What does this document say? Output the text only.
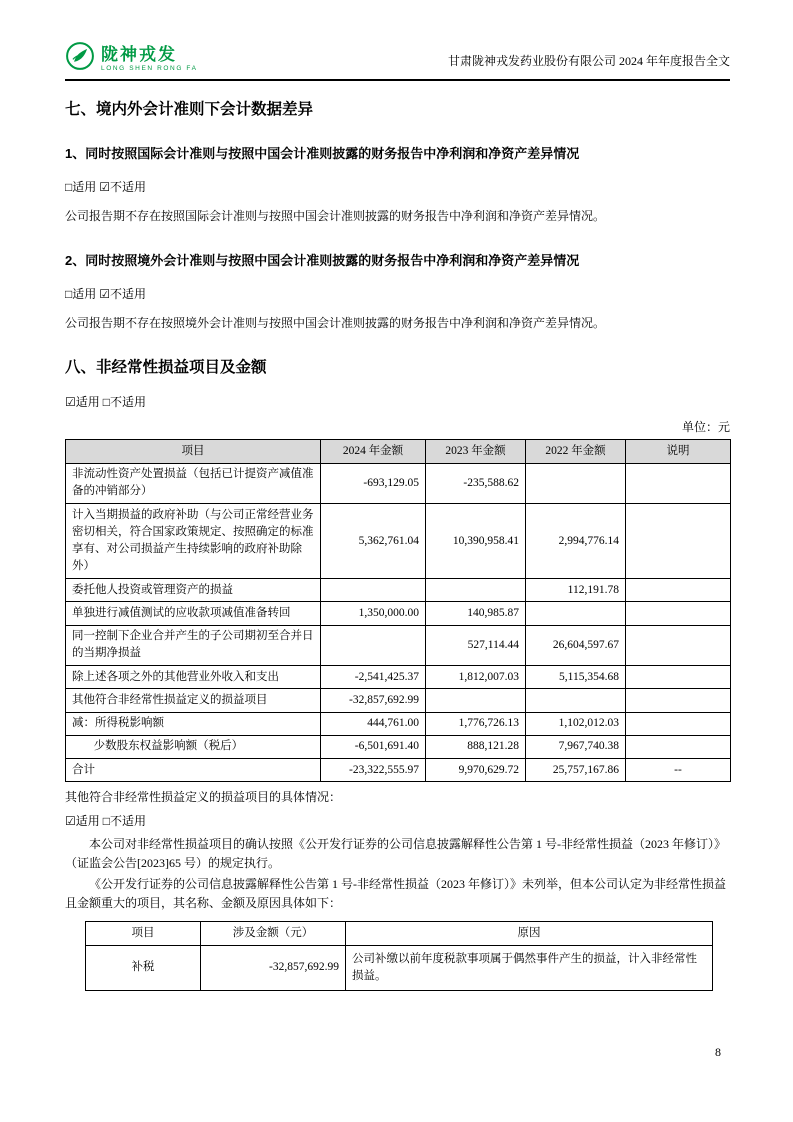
陇神戎发
LONG SHEN RONG FA
甘肃陇神戎发药业股份有限公司 2024 年年度报告全文
七、境内外会计准则下会计数据差异
1、同时按照国际会计准则与按照中国会计准则披露的财务报告中净利润和净资产差异情况
□适用 ☑不适用
公司报告期不存在按照国际会计准则与按照中国会计准则披露的财务报告中净利润和净资产差异情况。
2、同时按照境外会计准则与按照中国会计准则披露的财务报告中净利润和净资产差异情况
□适用 ☑不适用
公司报告期不存在按照境外会计准则与按照中国会计准则披露的财务报告中净利润和净资产差异情况。
八、非经常性损益项目及金额
☑适用 □不适用
单位：元
项目	2024 年金额	2023 年金额	2022 年金额	说明
非流动性资产处置损益（包括已计提资产减值准备的冲销部分）	-693,129.05	-235,588.62		
计入当期损益的政府补助（与公司正常经营业务密切相关，符合国家政策规定、按照确定的标准享有、对公司损益产生持续影响的政府补助除外）	5,362,761.04	10,390,958.41	2,994,776.14	
委托他人投资或管理资产的损益			112,191.78	
单独进行减值测试的应收款项减值准备转回	1,350,000.00	140,985.87		
同一控制下企业合并产生的子公司期初至合并日的当期净损益		527,114.44	26,604,597.67	
除上述各项之外的其他营业外收入和支出	-2,541,425.37	1,812,007.03	5,115,354.68	
其他符合非经常性损益定义的损益项目	-32,857,692.99			
减：所得税影响额	444,761.00	1,776,726.13	1,102,012.03	
少数股东权益影响额（税后）	-6,501,691.40	888,121.28	7,967,740.38	
合计	-23,322,555.97	9,970,629.72	25,757,167.86	--
其他符合非经常性损益定义的损益项目的具体情况：
☑适用 □不适用
本公司对非经常性损益项目的确认按照《公开发行证券的公司信息披露解释性公告第 1 号-非经常性损益（2023 年修订）》（证监会公告[2023]65 号）的规定执行。
《公开发行证券的公司信息披露解释性公告第 1 号-非经常性损益（2023 年修订）》未列举，但本公司认定为非经常性损益且金额重大的项目，其名称、金额及原因具体如下：
项目	涉及金额（元）	原因
补税	-32,857,692.99	公司补缴以前年度税款事项属于偶然事件产生的损益，计入非经常性损益。
8
